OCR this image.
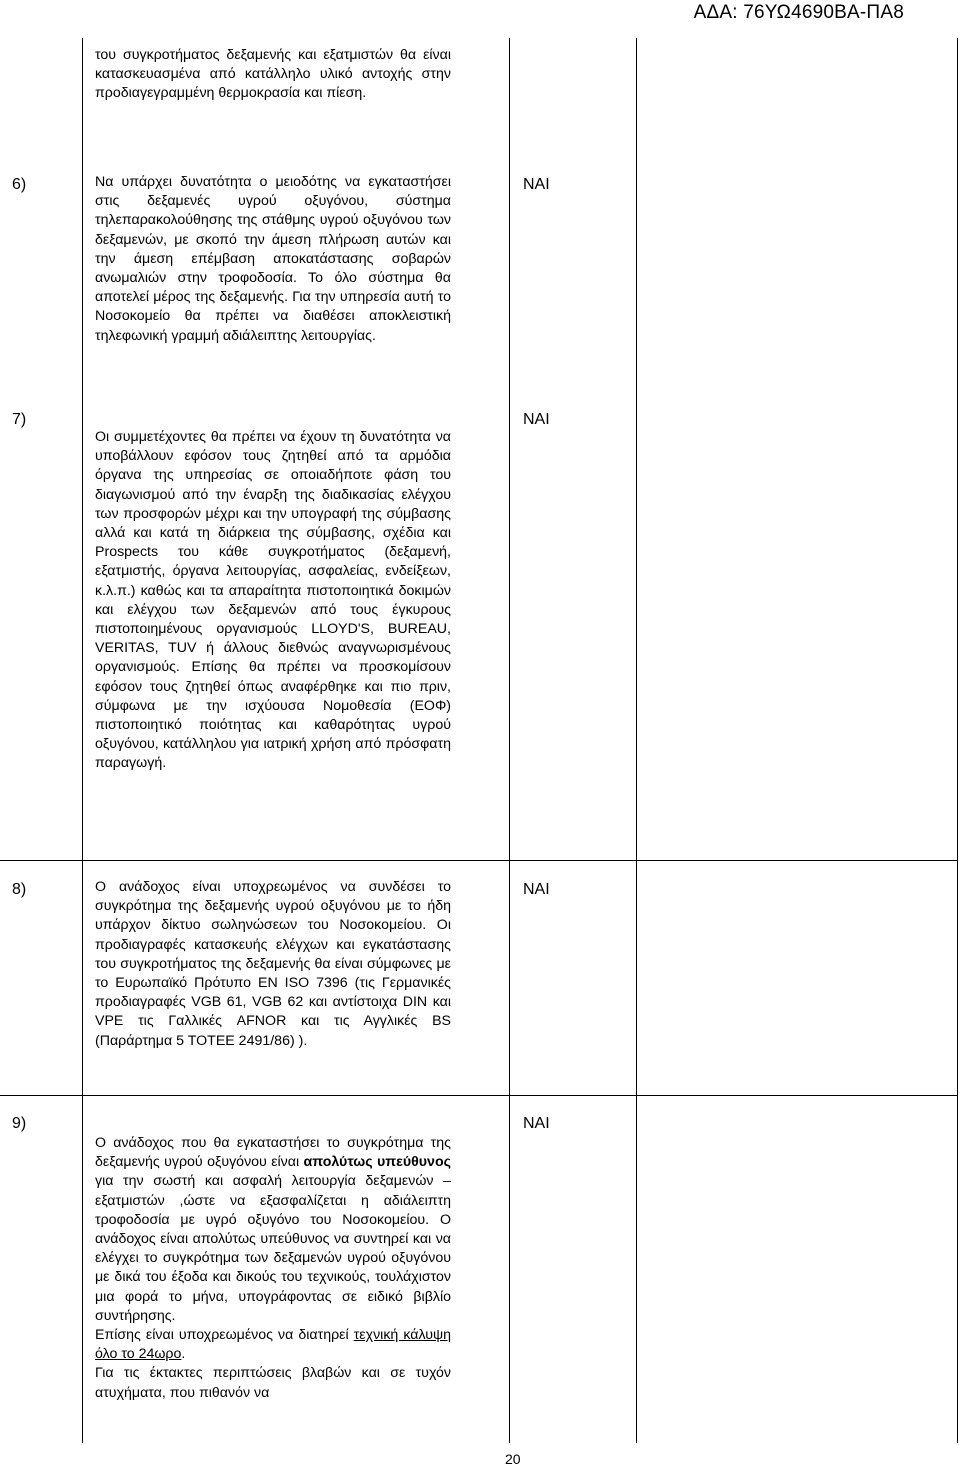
ΑΔΑ: 76ΥΩ4690ΒΑ-ΠΑ8
του συγκροτήματος δεξαμενής και εξατμιστών θα είναι κατασκευασμένα από κατάλληλο υλικό αντοχής στην προδιαγεγραμμένη θερμοκρασία και πίεση.
6)	Να υπάρχει δυνατότητα ο μειοδότης να εγκαταστήσει στις δεξαμενές υγρού οξυγόνου, σύστημα τηλεπαρακολούθησης της στάθμης υγρού οξυγόνου των δεξαμενών, με σκοπό την άμεση πλήρωση αυτών και την άμεση επέμβαση αποκατάστασης σοβαρών ανωμαλιών στην τροφοδοσία. Το όλο σύστημα θα αποτελεί μέρος της δεξαμενής. Για την υπηρεσία αυτή το Νοσοκομείο θα πρέπει να διαθέσει αποκλειστική τηλεφωνική γραμμή αδιάλειπτης λειτουργίας.
ΝΑΙ
7)
Οι συμμετέχοντες θα πρέπει να έχουν τη δυνατότητα να υποβάλλουν εφόσον τους ζητηθεί από τα αρμόδια όργανα της υπηρεσίας σε οποιαδήποτε φάση του διαγωνισμού από την έναρξη της διαδικασίας ελέγχου των προσφορών μέχρι και την υπογραφή της σύμβασης αλλά και κατά τη διάρκεια της σύμβασης, σχέδια και Prospects του κάθε συγκροτήματος (δεξαμενή, εξατμιστής, όργανα λειτουργίας, ασφαλείας, ενδείξεων, κ.λ.π.) καθώς και τα απαραίτητα πιστοποιητικά δοκιμών και ελέγχου των δεξαμενών από τους έγκυρους πιστοποιημένους οργανισμούς LLOYD'S, BUREAU, VERITAS, TUV ή άλλους διεθνώς αναγνωρισμένους οργανισμούς. Επίσης θα πρέπει να προσκομίσουν εφόσον τους ζητηθεί όπως αναφέρθηκε και πιο πριν, σύμφωνα με την ισχύουσα Νομοθεσία (ΕΟΦ) πιστοποιητικό ποιότητας και καθαρότητας υγρού οξυγόνου, κατάλληλου για ιατρική χρήση από πρόσφατη παραγωγή.
ΝΑΙ
8)	Ο ανάδοχος είναι υποχρεωμένος να συνδέσει το συγκρότημα της δεξαμενής υγρού οξυγόνου με το ήδη υπάρχον δίκτυο σωληνώσεων του Νοσοκομείου. Οι προδιαγραφές κατασκευής ελέγχων και εγκατάστασης του συγκροτήματος της δεξαμενής θα είναι σύμφωνες με το Ευρωπαϊκό Πρότυπο EN ISO 7396 (τις Γερμανικές προδιαγραφές VGB 61, VGB 62 και αντίστοιχα DIN και VPE τις Γαλλικές AFNOR και τις Αγγλικές BS (Παράρτημα 5 ΤΟΤΕΕ 2491/86) ).
ΝΑΙ
9)

Ο ανάδοχος που θα εγκαταστήσει το συγκρότημα της δεξαμενής υγρού οξυγόνου είναι απολύτως υπεύθυνος για την σωστή και ασφαλή λειτουργία δεξαμενών – εξατμιστών ,ώστε να εξασφαλίζεται η αδιάλειπτη τροφοδοσία με υγρό οξυγόνο του Νοσοκομείου. Ο ανάδοχος είναι απολύτως υπεύθυνος να συντηρεί και να ελέγχει το συγκρότημα των δεξαμενών υγρού οξυγόνου με δικά του έξοδα και δικούς του τεχνικούς, τουλάχιστον μια φορά το μήνα, υπογράφοντας σε ειδικό βιβλίο συντήρησης.

Επίσης είναι υποχρεωμένος να διατηρεί τεχνική κάλυψη όλο το 24ωρο.

Για τις έκτακτες περιπτώσεις βλαβών και σε τυχόν ατυχήματα, που πιθανόν να

ΝΑΙ
20
